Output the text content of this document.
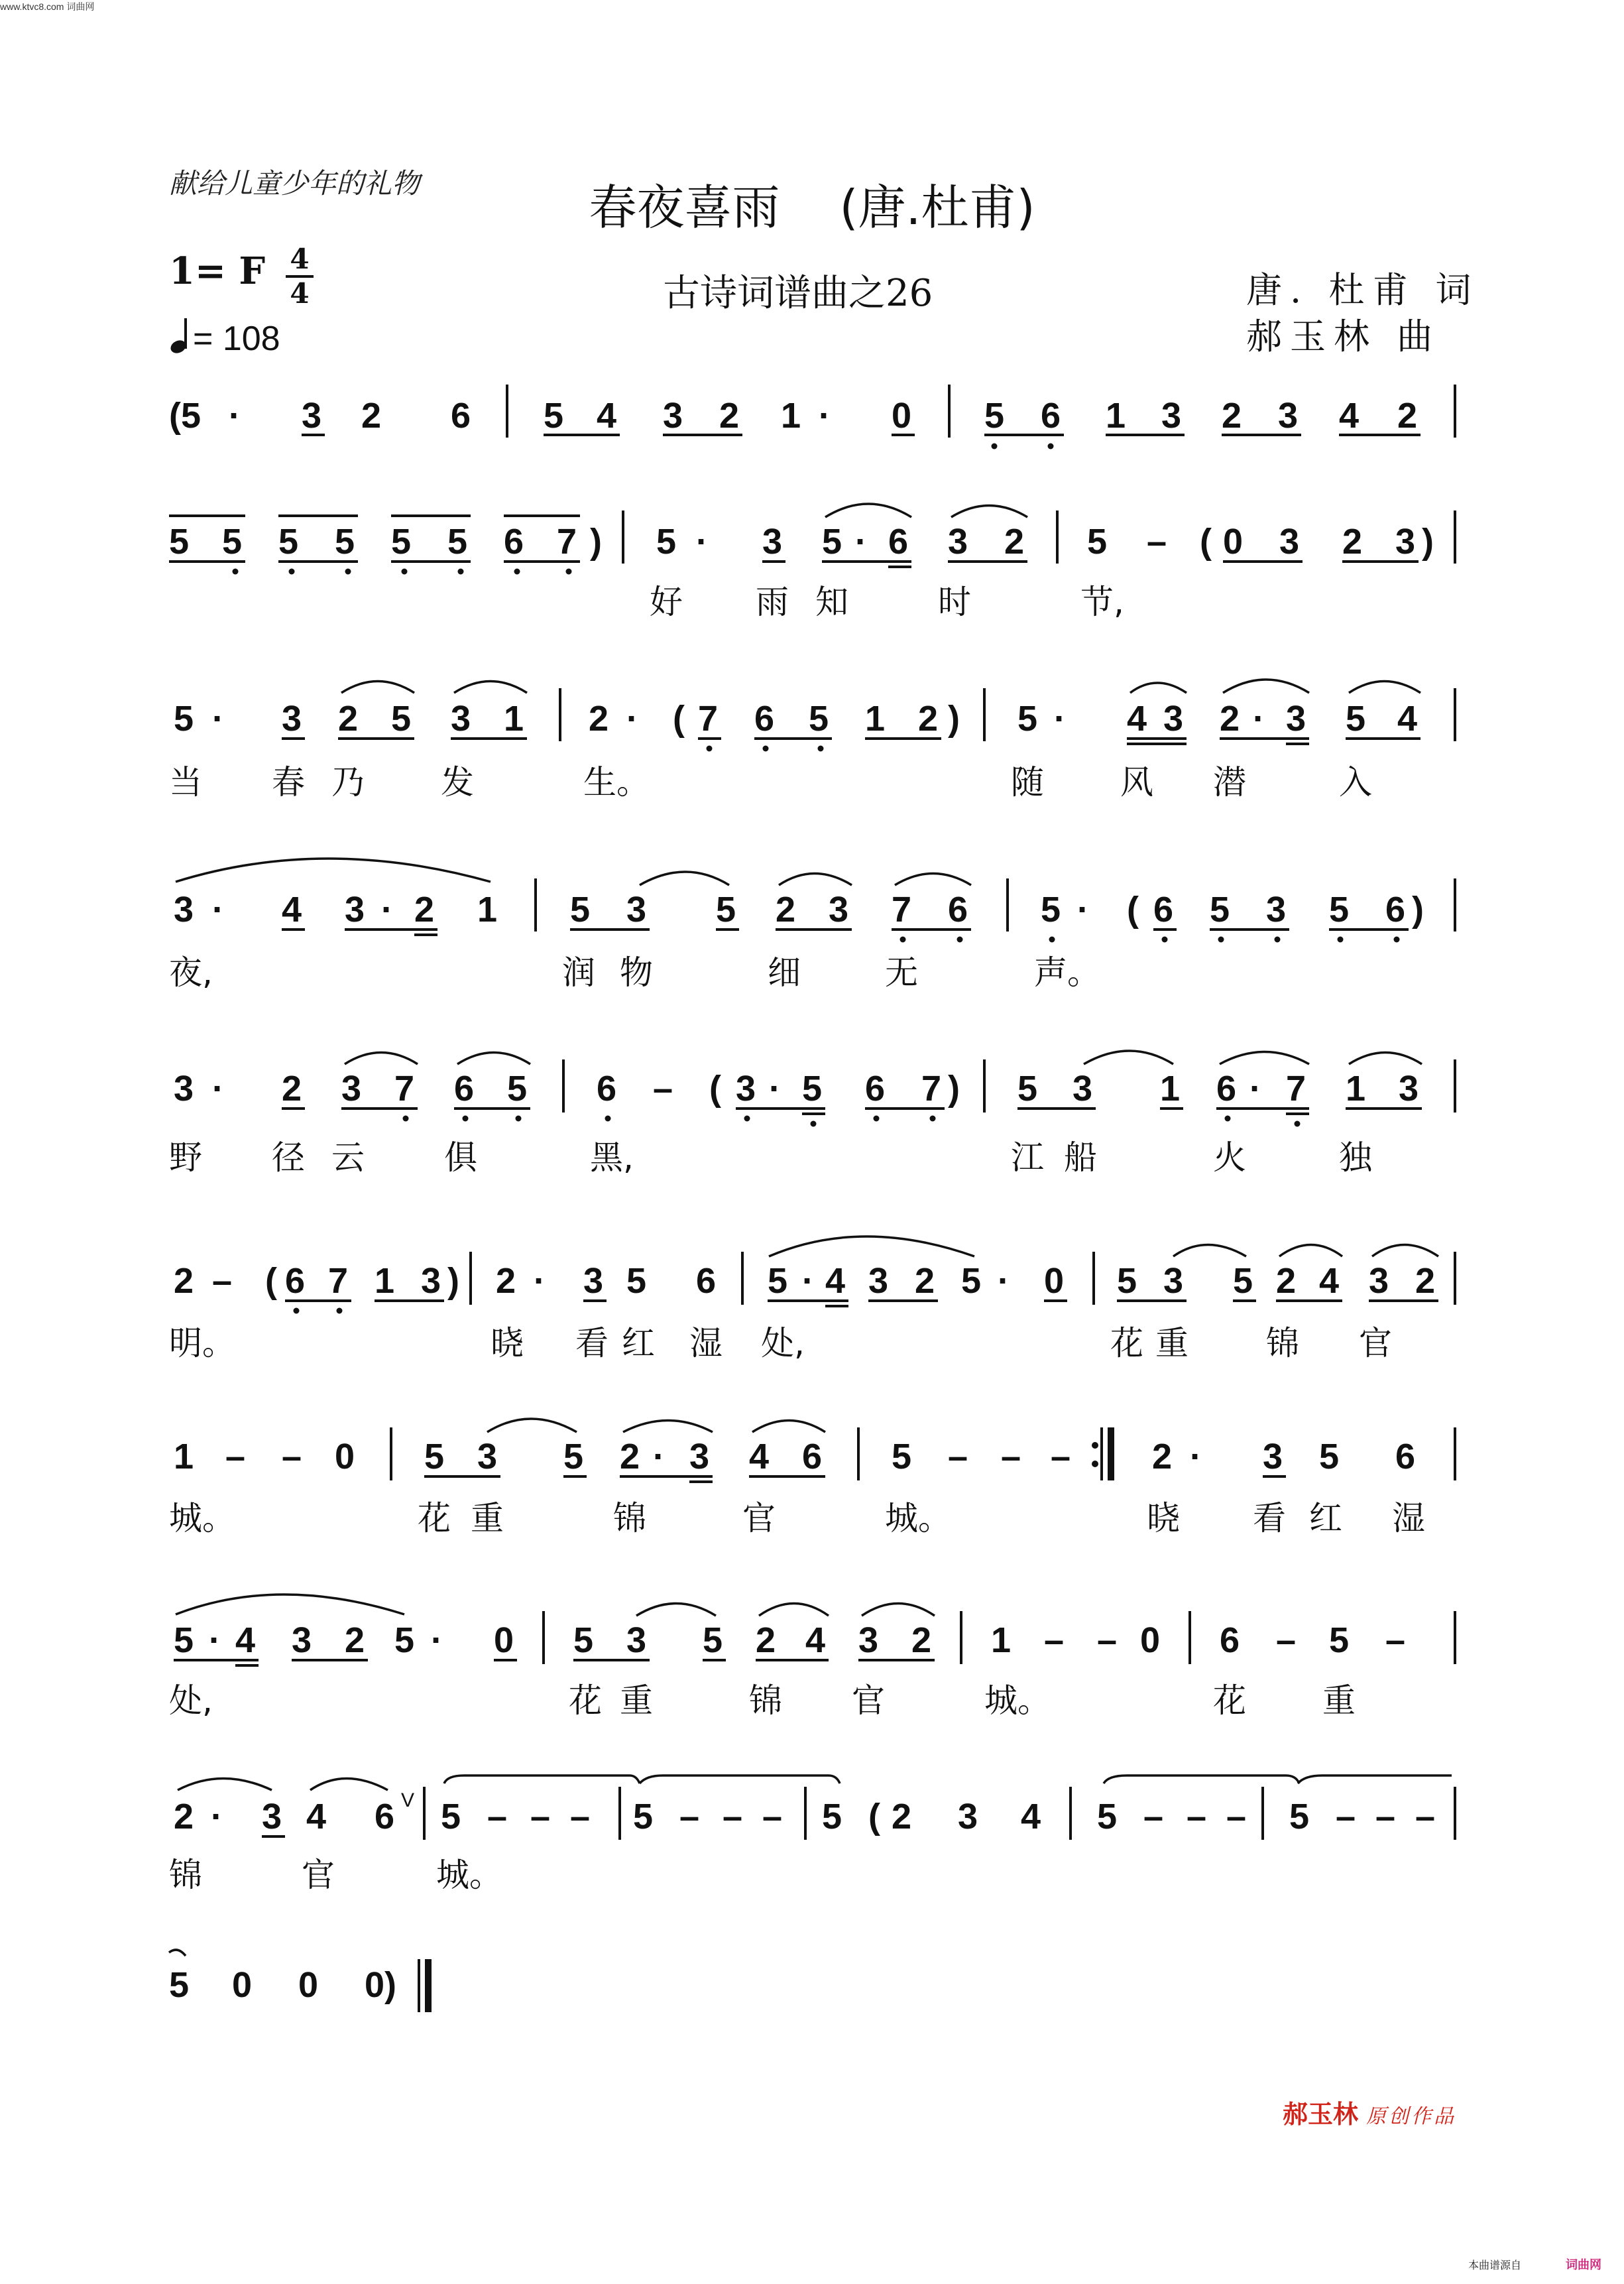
www.ktvc8.com 词曲网
献给儿童少年的礼物	春夜喜雨 (唐.杜甫)
1= F 4
4
= 108
古诗词谱曲之26	唐. 杜甫 词
郝玉林 曲
(5 · 3 2 6 5 4 3 2 1 · 0 5 6 1 3 2 3 4 2
5 5 5 5 5 5 6 7 ) 5 · 3 5 · 6 3 2 5 – ( 0 3 2 3 )
好 雨 知	时	节,
5 · 3 2 5 3 1 2 · ( 7 6 5 1 2 ) 5 · 4 3 2 · 3 5 4
当 春 乃 发	生。	随 风 潜	入
3 · 4 3 · 2 1 5 3 5 2 3 7 6 5 · ( 6 5 3 5 6 )
夜,	润 物	细	无	声。
3 · 2 3 7 6 5 6 – ( 3 · 5 6 7 ) 5 3 1 6 · 7 1 3
野 径 云 俱	黑,	江 船	火	独
2 – ( 6 7 1 3 ) 2 · 3 5 6 5 · 4 3 2 5 · 0 5 3 5 2 4 3 2
明。	晓 看 红 湿 处,	花 重 锦 官
1 – – 0 5 3 5 2 · 3 4 6 5 – – – 2 · 3 5 6
城。	花 重	锦	官	城。	晓 看 红 湿
5 · 4 3 2 5 · 0 5 3 5 2 4 3 2 1 – – 0 6 – 5 –
处,	花 重	锦 官	城。	花 重
2 · 3 4 6 V 5 – – – 5 – – – 5 ( 2 3 4 5 – – – 5 – – –
锦	官	城。
5 0 0 0)
郝玉林 原创作品
本曲谱源自	词曲网
